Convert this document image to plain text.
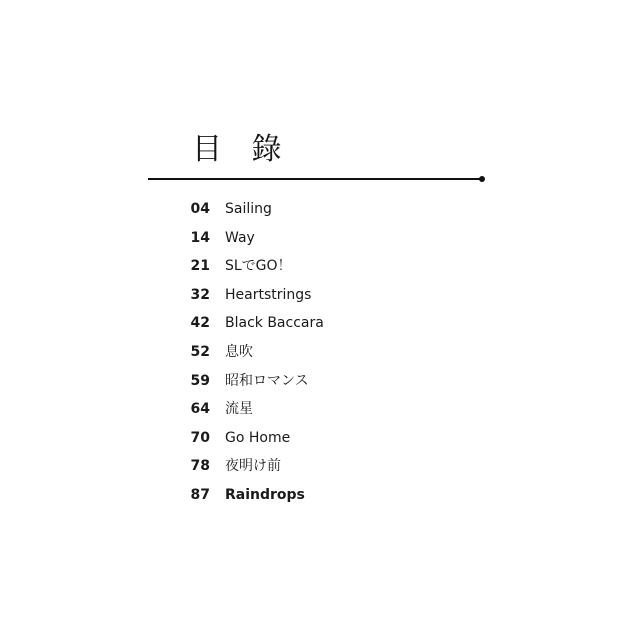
目 錄
04 Sailing
14 Way
21 SLでGO！
32 Heartstrings
42 Black Baccara
52 息吹
59 昭和ロマンス
64 流星
70 Go Home
78 夜明け前
87 Raindrops
